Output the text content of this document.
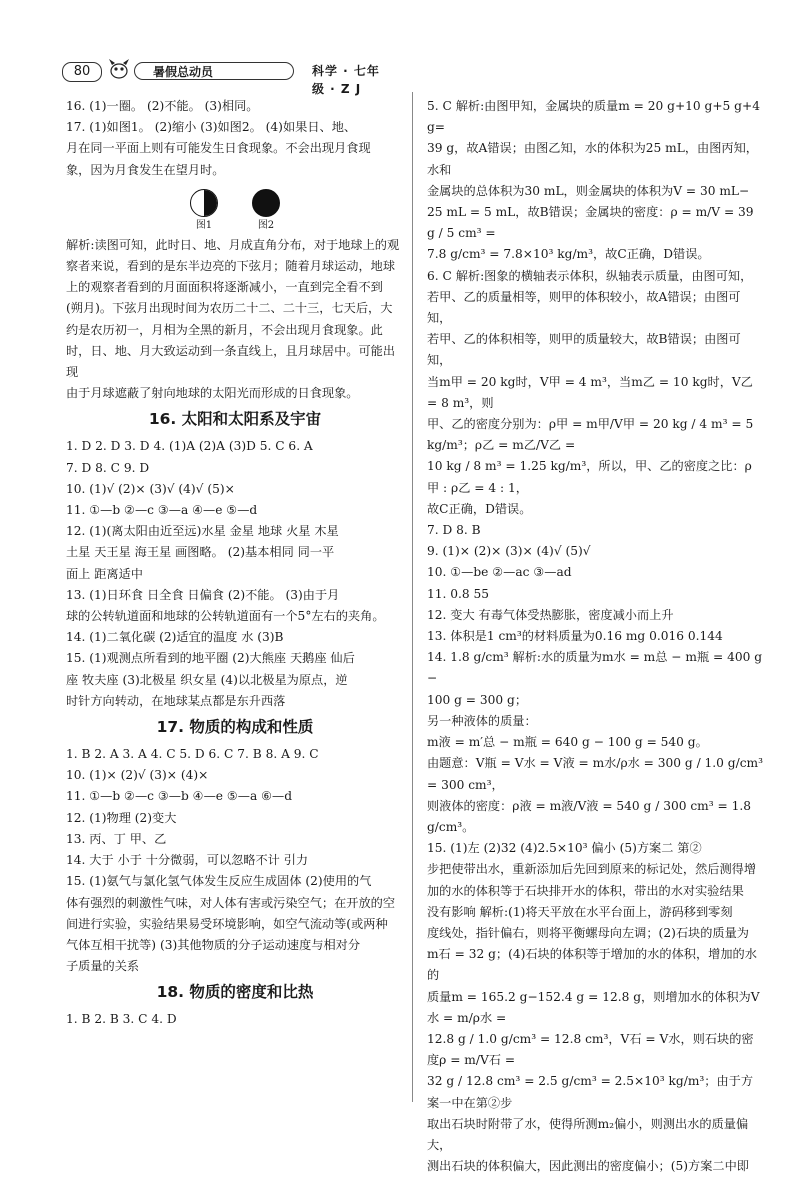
80	暑假总动员	科学 · 七年级 · Z J

16. (1)一圈。 (2)不能。 (3)相同。

17. (1)如图1。 (2)缩小 (3)如图2。 (4)如果日、地、

月在同一平面上则有可能发生日食现象。不会出现月食现

象，因为月食发生在望月时。

图1	图2

解析:读图可知，此时日、地、月成直角分布，对于地球上的观

察者来说，看到的是东半边亮的下弦月；随着月球运动，地球

上的观察者看到的月面面积将逐渐减小，一直到完全看不到

(朔月)。下弦月出现时间为农历二十二、二十三，七天后，大

约是农历初一，月相为全黑的新月，不会出现月食现象。此

时，日、地、月大致运动到一条直线上，且月球居中。可能出现

由于月球遮蔽了射向地球的太阳光而形成的日食现象。

16. 太阳和太阳系及宇宙

1. D 2. D 3. D 4. (1)A (2)A (3)D 5. C 6. A

7. D 8. C 9. D

10. (1)√ (2)× (3)√ (4)√ (5)×

11. ①—b ②—c ③—a ④—e ⑤—d

12. (1)(离太阳由近至远)水星 金星 地球 火星 木星

土星 天王星 海王星 画图略。 (2)基本相同 同一平

面上 距离适中

13. (1)日环食 日全食 日偏食 (2)不能。 (3)由于月

球的公转轨道面和地球的公转轨道面有一个5°左右的夹角。

14. (1)二氧化碳 (2)适宜的温度 水 (3)B

15. (1)观测点所看到的地平圈 (2)大熊座 天鹅座 仙后

座 牧夫座 (3)北极星 织女星 (4)以北极星为原点，逆

时针方向转动，在地球某点都是东升西落

17. 物质的构成和性质

1. B 2. A 3. A 4. C 5. D 6. C 7. B 8. A 9. C

10. (1)× (2)√ (3)× (4)×

11. ①—b ②—c ③—b ④—e ⑤—a ⑥—d

12. (1)物理 (2)变大

13. 丙、丁 甲、乙

14. 大于 小于 十分微弱，可以忽略不计 引力

15. (1)氨气与氯化氢气体发生反应生成固体 (2)使用的气

体有强烈的刺激性气味，对人体有害或污染空气；在开放的空

间进行实验，实验结果易受环境影响，如空气流动等(或两种

气体互相干扰等) (3)其他物质的分子运动速度与相对分

子质量的关系

18. 物质的密度和比热

1. B 2. B 3. C 4. D

5. C 解析:由图甲知，金属块的质量m = 20 g+10 g+5 g+4 g=

39 g，故A错误；由图乙知，水的体积为25 mL，由图丙知，水和

金属块的总体积为30 mL，则金属块的体积为V = 30 mL−

25 mL = 5 mL，故B错误；金属块的密度：ρ = m/V = 39 g / 5 cm³ =

7.8 g/cm³ = 7.8×10³ kg/m³，故C正确，D错误。

6. C 解析:图象的横轴表示体积，纵轴表示质量，由图可知，

若甲、乙的质量相等，则甲的体积较小，故A错误；由图可知，

若甲、乙的体积相等，则甲的质量较大，故B错误；由图可知，

当m甲 = 20 kg时，V甲 = 4 m³，当m乙 = 10 kg时，V乙 = 8 m³，则

甲、乙的密度分别为：ρ甲 = m甲/V甲 = 20 kg / 4 m³ = 5 kg/m³；ρ乙 = m乙/V乙 =

10 kg / 8 m³ = 1.25 kg/m³，所以，甲、乙的密度之比：ρ甲 : ρ乙 = 4 : 1，

故C正确，D错误。

7. D 8. B

9. (1)× (2)× (3)× (4)√ (5)√

10. ①—be ②—ac ③—ad

11. 0.8 55

12. 变大 有毒气体受热膨胀，密度减小而上升

13. 体积是1 cm³的材料质量为0.16 mg 0.016 0.144

14. 1.8 g/cm³ 解析:水的质量为m水 = m总 − m瓶 = 400 g −

100 g = 300 g；

另一种液体的质量：

m液 = m′总 − m瓶 = 640 g − 100 g = 540 g。

由题意：V瓶 = V水 = V液 = m水/ρ水 = 300 g / 1.0 g/cm³ = 300 cm³，

则液体的密度：ρ液 = m液/V液 = 540 g / 300 cm³ = 1.8 g/cm³。

15. (1)左 (2)32 (4)2.5×10³ 偏小 (5)方案二 第②

步把使带出水，重新添加后先回到原来的标记处，然后测得增

加的水的体积等于石块排开水的体积，带出的水对实验结果

没有影响 解析:(1)将天平放在水平台面上，游码移到零刻

度线处，指针偏右，则将平衡螺母向左调；(2)石块的质量为

m石 = 32 g；(4)石块的体积等于增加的水的体积，增加的水的

质量m = 165.2 g−152.4 g = 12.8 g，则增加水的体积为V水 = m/ρ水 =

12.8 g / 1.0 g/cm³ = 12.8 cm³，V石 = V水，则石块的密度ρ = m/V石 =

32 g / 12.8 cm³ = 2.5 g/cm³ = 2.5×10³ kg/m³；由于方案一中在第②步

取出石块时附带了水，使得所测m₂偏小，则测出水的质量偏大，

测出石块的体积偏大，因此测出的密度偏小；(5)方案二中即
